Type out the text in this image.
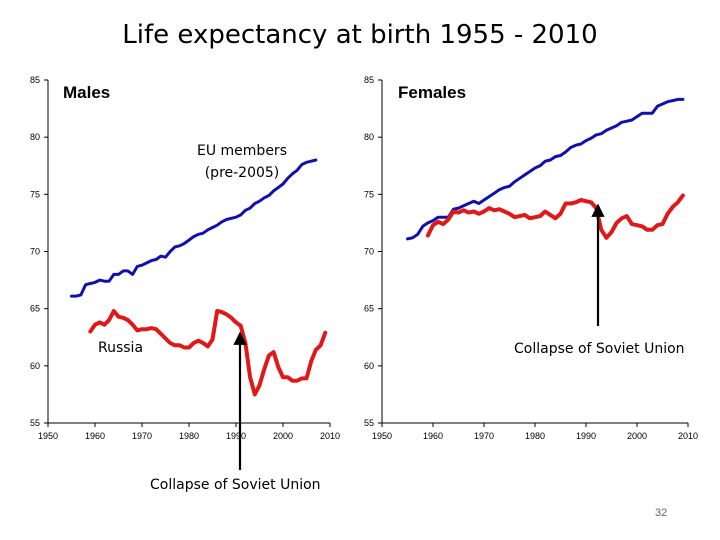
Life expectancy at birth 1955 - 2010
55
60
65
70
75
80
85
1950	1960	1970	1980	1990	2000	2010
Males
55
60
65
70
75
80
85
1950	1960	1970	1980	1990	2000	2010
Females
EU members
(pre-2005)
Russia	Collapse of Soviet Union
Collapse of Soviet Union
32
